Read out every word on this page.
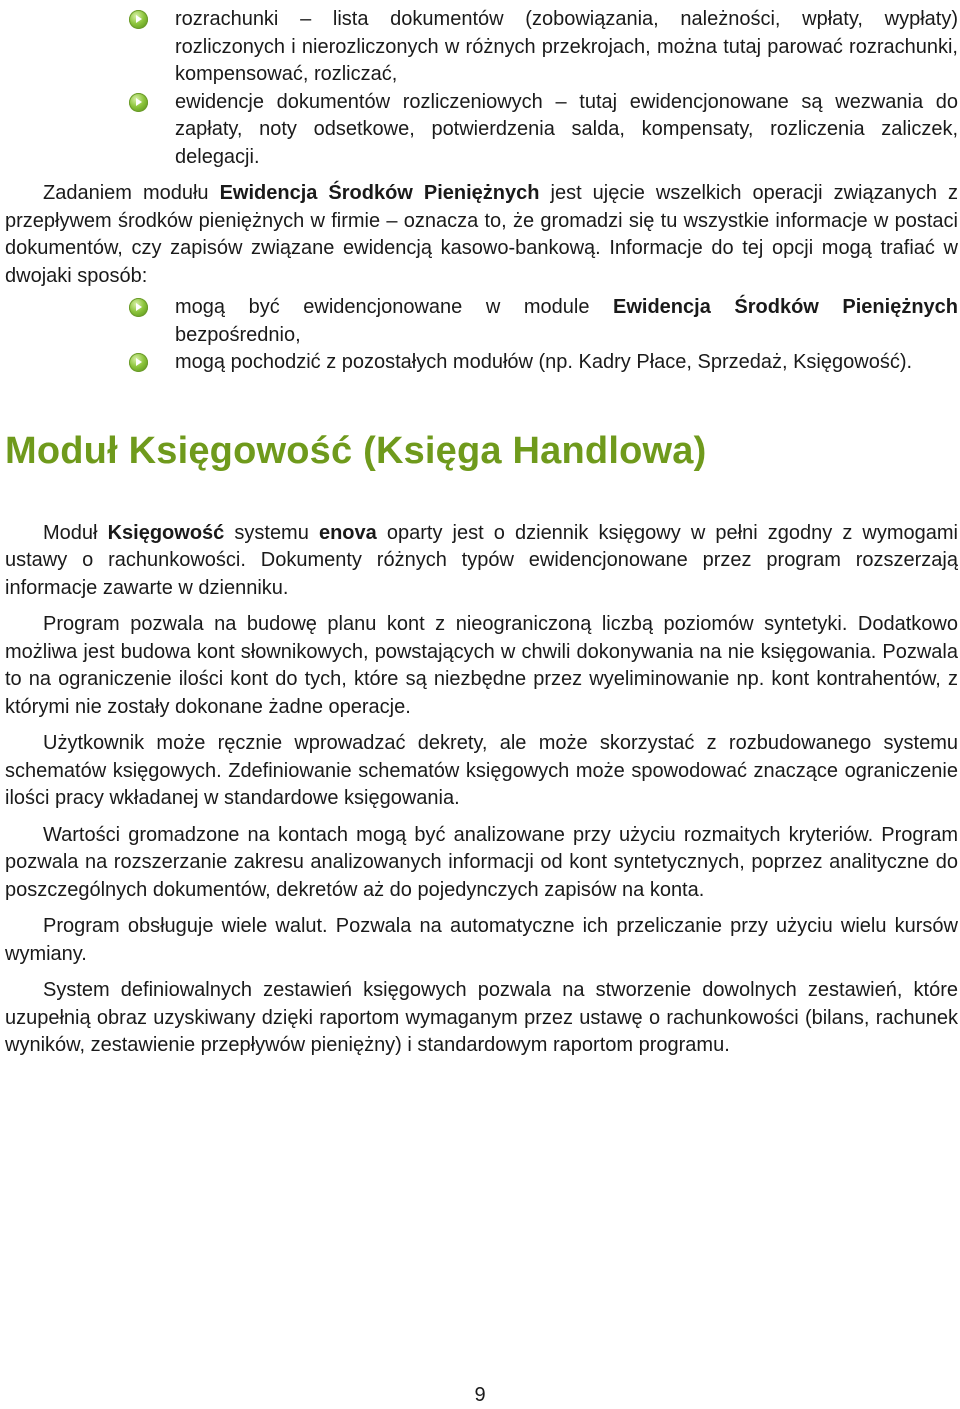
rozrachunki – lista dokumentów (zobowiązania, należności, wpłaty, wypłaty) rozliczonych i nierozliczonych w różnych przekrojach, można tutaj parować rozrachunki, kompensować, rozliczać,
ewidencje dokumentów rozliczeniowych – tutaj ewidencjonowane są wezwania do zapłaty, noty odsetkowe, potwierdzenia salda, kompensaty, rozliczenia zaliczek, delegacji.

Zadaniem modułu Ewidencja Środków Pieniężnych jest ujęcie wszelkich operacji związanych z przepływem środków pieniężnych w firmie – oznacza to, że gromadzi się tu wszystkie informacje w postaci dokumentów, czy zapisów związane ewidencją kasowo-bankową. Informacje do tej opcji mogą trafiać w dwojaki sposób:

mogą być ewidencjonowane w module Ewidencja Środków Pieniężnych bezpośrednio,
mogą pochodzić z pozostałych modułów (np. Kadry Płace, Sprzedaż, Księgowość).
Moduł Księgowość (Księga Handlowa)

Moduł Księgowość systemu enova oparty jest o dziennik księgowy w pełni zgodny z wymogami ustawy o rachunkowości. Dokumenty różnych typów ewidencjonowane przez program rozszerzają informacje zawarte w dzienniku.

Program pozwala na budowę planu kont z nieograniczoną liczbą poziomów syntetyki. Dodatkowo możliwa jest budowa kont słownikowych, powstających w chwili dokonywania na nie księgowania. Pozwala to na ograniczenie ilości kont do tych, które są niezbędne przez wyeliminowanie np. kont kontrahentów, z którymi nie zostały dokonane żadne operacje.

Użytkownik może ręcznie wprowadzać dekrety, ale może skorzystać z rozbudowanego systemu schematów księgowych. Zdefiniowanie schematów księgowych może spowodować znaczące ograniczenie ilości pracy wkładanej w standardowe księgowania.

Wartości gromadzone na kontach mogą być analizowane przy użyciu rozmaitych kryteriów. Program pozwala na rozszerzanie zakresu analizowanych informacji od kont syntetycznych, poprzez analityczne do poszczególnych dokumentów, dekretów aż do pojedynczych zapisów na konta.

Program obsługuje wiele walut. Pozwala na automatyczne ich przeliczanie przy użyciu wielu kursów wymiany.

System definiowalnych zestawień księgowych pozwala na stworzenie dowolnych zestawień, które uzupełnią obraz uzyskiwany dzięki raportom wymaganym przez ustawę o rachunkowości (bilans, rachunek wyników, zestawienie przepływów pieniężny) i standardowym raportom programu.

9
